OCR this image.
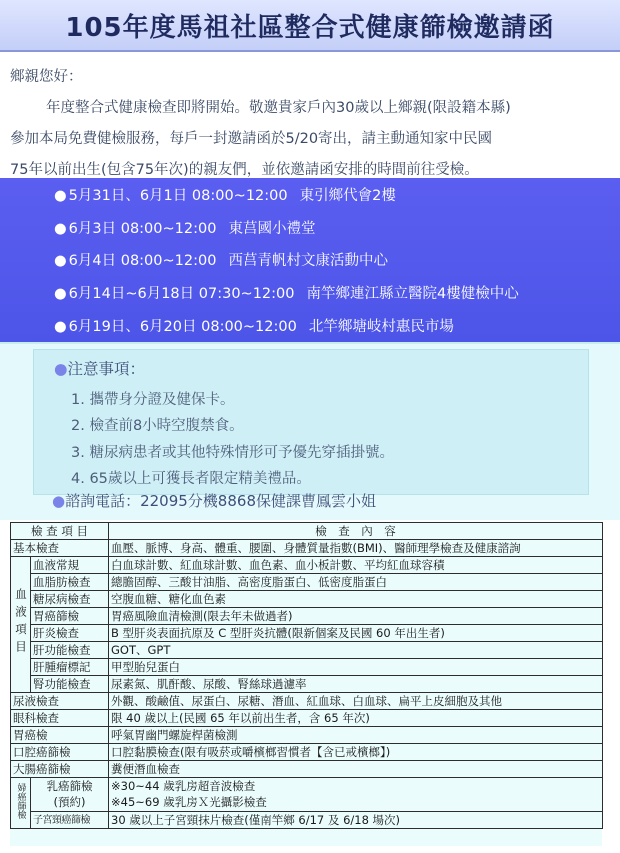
105年度馬祖社區整合式健康篩檢邀請函

鄉親您好：

年度整合式健康檢查即將開始。敬邀貴家戶內30歲以上鄉親(限設籍本縣)

參加本局免費健檢服務，每戶一封邀請函於5/20寄出，請主動通知家中民國

75年以前出生(包含75年次)的親友們，並依邀請函安排的時間前往受檢。

● 5月31日、6月1日 08:00~12:00 東引鄉代會2樓
● 6月3日 08:00~12:00 東莒國小禮堂
● 6月4日 08:00~12:00 西莒青帆村文康活動中心
● 6月14日~6月18日 07:30~12:00 南竿鄉連江縣立醫院4樓健檢中心
● 6月19日、6月20日 08:00~12:00 北竿鄉塘岐村惠民市場
●注意事項：
1. 攜帶身分證及健保卡。
2. 檢查前8小時空腹禁食。
3. 糖尿病患者或其他特殊情形可予優先穿插掛號。
4. 65歲以上可獲長者限定精美禮品。
●諮詢電話：22095分機8868保健課曹鳳雲小姐
檢 查 項 目		檢　查　內　容
基本檢查		血壓、脈博、身高、體重、腰圍、身體質量指數(BMI)、醫師理學檢查及健康諮詢
血液項目	血液常規	白血球計數、紅血球計數、血色素、血小板計數、平均紅血球容積
	血脂肪檢查	總膽固醇、三酸甘油脂、高密度脂蛋白、低密度脂蛋白
	糖尿病檢查	空腹血糖、糖化血色素
	胃癌篩檢	胃癌風險血清檢測(限去年未做過者)
	肝炎檢查	B 型肝炎表面抗原及 C 型肝炎抗體(限新個案及民國 60 年出生者)
	肝功能檢查	GOT、GPT
	肝腫瘤標記	甲型胎兒蛋白
	腎功能檢查	尿素氮、肌酐酸、尿酸、腎絲球過濾率
尿液檢查		外觀、酸鹼值、尿蛋白、尿糖、潛血、紅血球、白血球、扁平上皮細胞及其他
眼科檢查		限 40 歲以上(民國 65 年以前出生者，含 65 年次)
胃癌檢		呼氣胃幽門螺旋桿菌檢測
口腔癌篩檢		口腔黏膜檢查(限有吸菸或嚼檳榔習慣者【含已戒檳榔】)
大腸癌篩檢		糞便潛血檢查
婦癌篩檢	乳癌篩檢	※30~44 歲乳房超音波檢查
	(預約)	※45~69 歲乳房Ｘ光攝影檢查
	子宮頸癌篩檢	30 歲以上子宮頸抹片檢查(僅南竿鄉 6/17 及 6/18 場次)
